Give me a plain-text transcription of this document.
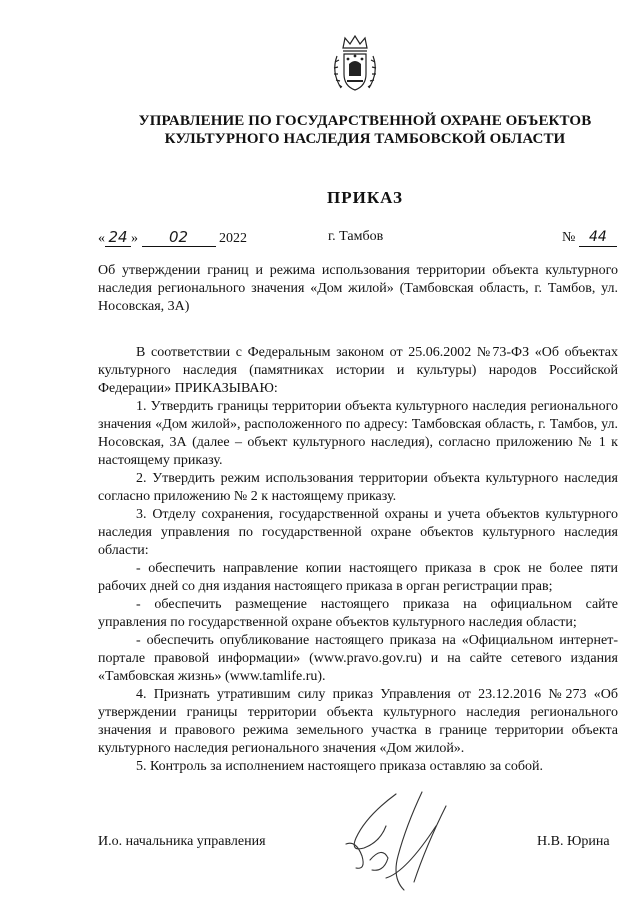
УПРАВЛЕНИЕ ПО ГОСУДАРСТВЕННОЙ ОХРАНЕ ОБЪЕКТОВ
КУЛЬТУРНОГО НАСЛЕДИЯ ТАМБОВСКОЙ ОБЛАСТИ
ПРИКАЗ
« 24 » 02 2022	г. Тамбов	№ 44
Об утверждении границ и режима использования территории объекта культурного наследия регионального значения «Дом жилой» (Тамбовская область, г. Тамбов, ул. Носовская, 3А)

В соответствии с Федеральным законом от 25.06.2002 №73-ФЗ «Об объектах культурного наследия (памятниках истории и культуры) народов Российской Федерации» ПРИКАЗЫВАЮ:

1. Утвердить границы территории объекта культурного наследия регионального значения «Дом жилой», расположенного по адресу: Тамбовская область, г. Тамбов, ул. Носовская, 3А (далее – объект культурного наследия), согласно приложению № 1 к настоящему приказу.

2. Утвердить режим использования территории объекта культурного наследия согласно приложению № 2 к настоящему приказу.

3. Отделу сохранения, государственной охраны и учета объектов культурного наследия управления по государственной охране объектов культурного наследия области:

- обеспечить направление копии настоящего приказа в срок не более пяти рабочих дней со дня издания настоящего приказа в орган регистрации прав;

- обеспечить размещение настоящего приказа на официальном сайте управления по государственной охране объектов культурного наследия области;

- обеспечить опубликование настоящего приказа на «Официальном интернет-портале правовой информации» (www.pravo.gov.ru) и на сайте сетевого издания «Тамбовская жизнь» (www.tamlife.ru).

4. Признать утратившим силу приказ Управления от 23.12.2016 №273 «Об утверждении границы территории объекта культурного наследия регионального значения и правового режима земельного участка в границе территории объекта культурного наследия регионального значения «Дом жилой».

5. Контроль за исполнением настоящего приказа оставляю за собой.

И.о. начальника управления	Н.В. Юрина
